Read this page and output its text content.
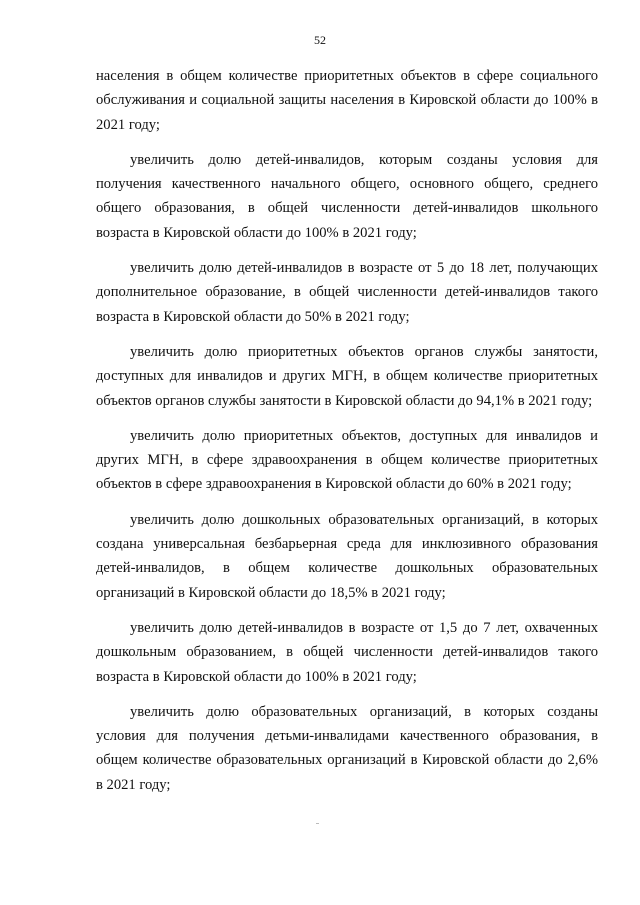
52

населения в общем количестве приоритетных объектов в сфере социального обслуживания и социальной защиты населения в Кировской области до 100% в 2021 году;

увеличить долю детей-инвалидов, которым созданы условия для получения качественного начального общего, основного общего, среднего общего образования, в общей численности детей-инвалидов школьного возраста в Кировской области до 100% в 2021 году;

увеличить долю детей-инвалидов в возрасте от 5 до 18 лет, получающих дополнительное образование, в общей численности детей-инвалидов такого возраста в Кировской области до 50% в 2021 году;

увеличить долю приоритетных объектов органов службы занятости, доступных для инвалидов и других МГН, в общем количестве приоритетных объектов органов службы занятости в Кировской области до 94,1% в 2021 году;

увеличить долю приоритетных объектов, доступных для инвалидов и других МГН, в сфере здравоохранения в общем количестве приоритетных объектов в сфере здравоохранения в Кировской области до 60% в 2021 году;

увеличить долю дошкольных образовательных организаций, в которых создана универсальная безбарьерная среда для инклюзивного образования детей-инвалидов, в общем количестве дошкольных образовательных организаций в Кировской области до 18,5% в 2021 году;

увеличить долю детей-инвалидов в возрасте от 1,5 до 7 лет, охваченных дошкольным образованием, в общей численности детей-инвалидов такого возраста в Кировской области до 100% в 2021 году;

увеличить долю образовательных организаций, в которых созданы условия для получения детьми-инвалидами качественного образования, в общем количестве образовательных организаций в Кировской области до 2,6% в 2021 году;
